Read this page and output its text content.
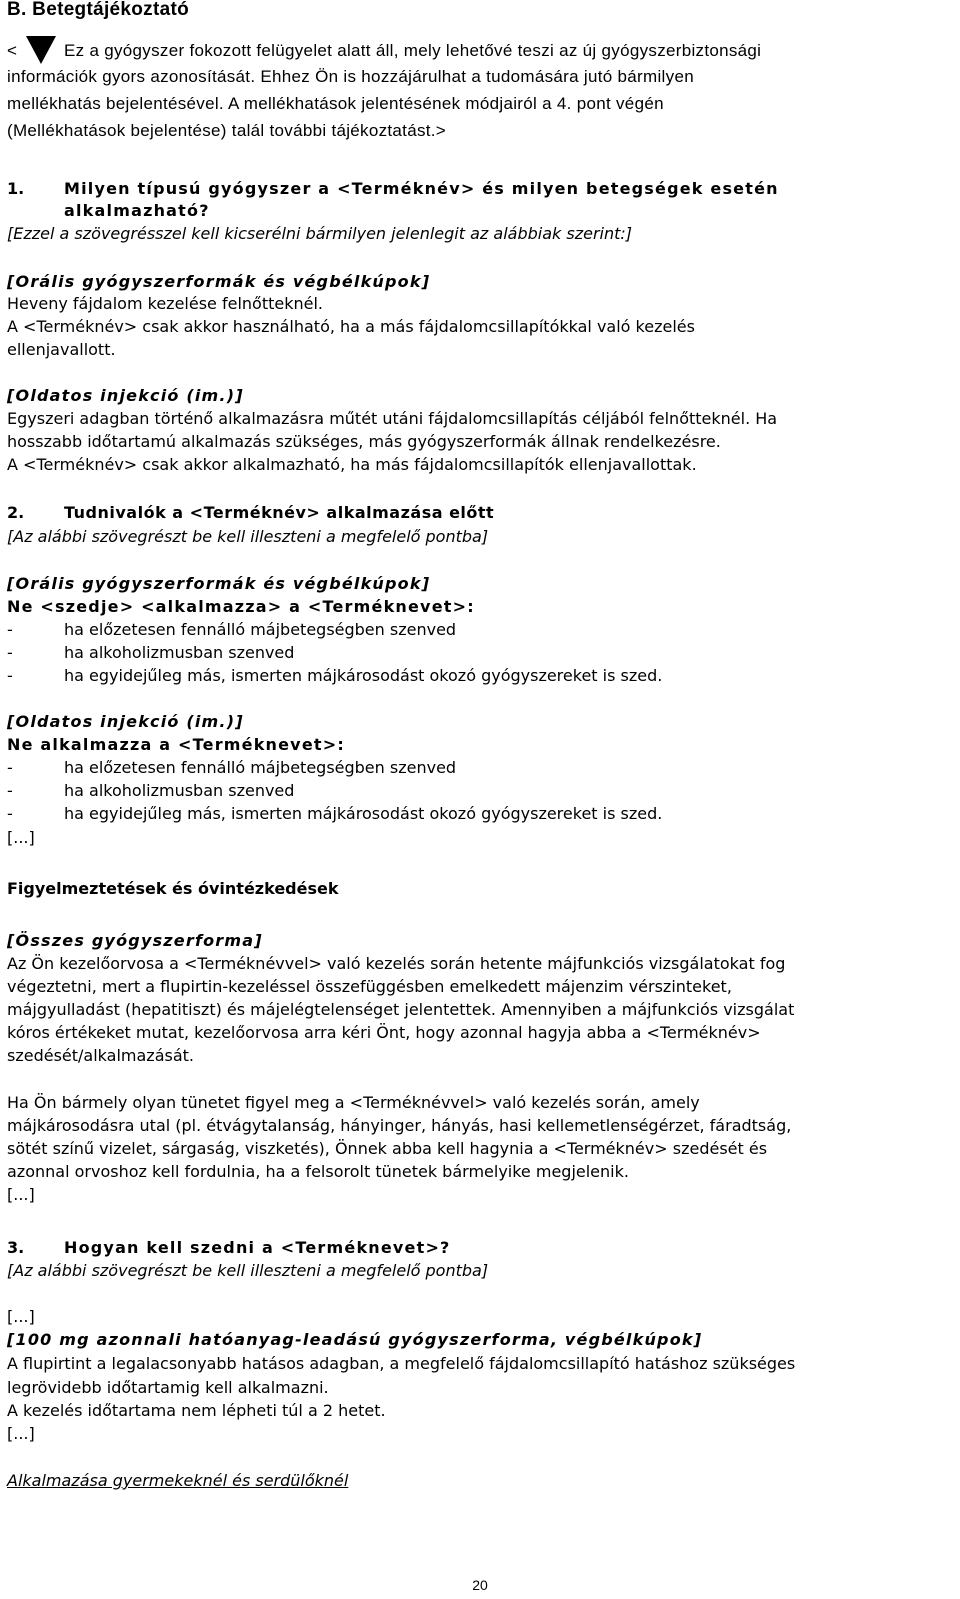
B. Betegtájékoztató
<	Ez a gyógyszer fokozott felügyelet alatt áll, mely lehetővé teszi az új gyógyszerbiztonsági
információk gyors azonosítását. Ehhez Ön is hozzájárulhat a tudomására jutó bármilyen
mellékhatás bejelentésével. A mellékhatások jelentésének módjairól a 4. pont végén
(Mellékhatások bejelentése) talál további tájékoztatást.>
1. Milyen típusú gyógyszer a <Terméknév> és milyen betegségek esetén
alkalmazható?
[Ezzel a szövegrésszel kell kicserélni bármilyen jelenlegit az alábbiak szerint:]
[Orális gyógyszerformák és végbélkúpok]
Heveny fájdalom kezelése felnőtteknél.
A <Terméknév> csak akkor használható, ha a más fájdalomcsillapítókkal való kezelés
ellenjavallott.
[Oldatos injekció (im.)]
Egyszeri adagban történő alkalmazásra műtét utáni fájdalomcsillapítás céljából felnőtteknél. Ha
hosszabb időtartamú alkalmazás szükséges, más gyógyszerformák állnak rendelkezésre.
A <Terméknév> csak akkor alkalmazható, ha más fájdalomcsillapítók ellenjavallottak.
2. Tudnivalók a <Terméknév> alkalmazása előtt
[Az alábbi szövegrészt be kell illeszteni a megfelelő pontba]
[Orális gyógyszerformák és végbélkúpok]
Ne <szedje> <alkalmazza> a <Terméknevet>:
-	ha előzetesen fennálló májbetegségben szenved
-	ha alkoholizmusban szenved
-	ha egyidejűleg más, ismerten májkárosodást okozó gyógyszereket is szed.
[Oldatos injekció (im.)]
Ne alkalmazza a <Terméknevet>:
-	ha előzetesen fennálló májbetegségben szenved
-	ha alkoholizmusban szenved
-	ha egyidejűleg más, ismerten májkárosodást okozó gyógyszereket is szed.
[...]
Figyelmeztetések és óvintézkedések
[Összes gyógyszerforma]
Az Ön kezelőorvosa a <Terméknévvel> való kezelés során hetente májfunkciós vizsgálatokat fog
végeztetni, mert a flupirtin-kezeléssel összefüggésben emelkedett májenzim vérszinteket,
májgyulladást (hepatitiszt) és májelégtelenséget jelentettek. Amennyiben a májfunkciós vizsgálat
kóros értékeket mutat, kezelőorvosa arra kéri Önt, hogy azonnal hagyja abba a <Terméknév>
szedését/alkalmazását.
Ha Ön bármely olyan tünetet figyel meg a <Terméknévvel> való kezelés során, amely
májkárosodásra utal (pl. étvágytalanság, hányinger, hányás, hasi kellemetlenségérzet, fáradtság,
sötét színű vizelet, sárgaság, viszketés), Önnek abba kell hagynia a <Terméknév> szedését és
azonnal orvoshoz kell fordulnia, ha a felsorolt tünetek bármelyike megjelenik.
[...]
3. Hogyan kell szedni a <Terméknevet>?
[Az alábbi szövegrészt be kell illeszteni a megfelelő pontba]
[...]
[100 mg azonnali hatóanyag-leadású gyógyszerforma, végbélkúpok]
A flupirtint a legalacsonyabb hatásos adagban, a megfelelő fájdalomcsillapító hatáshoz szükséges
legrövidebb időtartamig kell alkalmazni.
A kezelés időtartama nem lépheti túl a 2 hetet.
[...]
Alkalmazása gyermekeknél és serdülőknél
20
